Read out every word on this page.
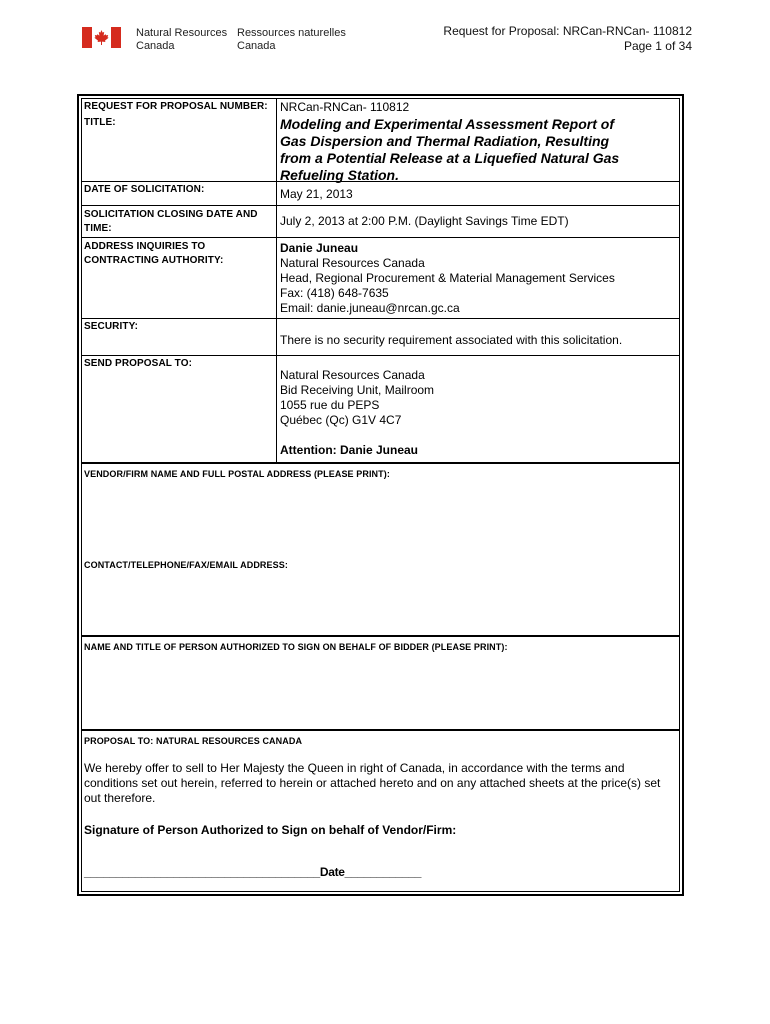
Natural Resources
Canada
Ressources naturelles
Canada
Request for Proposal: NRCan-RNCan- 110812
Page 1 of 34
REQUEST FOR PROPOSAL NUMBER: NRCan-RNCan- 110812
TITLE:	Modeling and Experimental Assessment Report of Gas Dispersion and Thermal Radiation, Resulting from a Potential Release at a Liquefied Natural Gas Refueling Station.
DATE OF SOLICITATION:	May 21, 2013
SOLICITATION CLOSING DATE AND TIME:
July 2, 2013 at 2:00 P.M. (Daylight Savings Time EDT)
ADDRESS INQUIRIES TO CONTRACTING AUTHORITY:
Danie Juneau
Natural Resources Canada
Head, Regional Procurement & Material Management Services
Fax: (418) 648-7635
Email: danie.juneau@nrcan.gc.ca
SECURITY:
There is no security requirement associated with this solicitation.
SEND PROPOSAL TO:
Natural Resources Canada
Bid Receiving Unit, Mailroom
1055 rue du PEPS
Québec (Qc) G1V 4C7
Attention: Danie Juneau
VENDOR/FIRM NAME AND FULL POSTAL ADDRESS (PLEASE PRINT):
CONTACT/TELEPHONE/FAX/EMAIL ADDRESS:
NAME AND TITLE OF PERSON AUTHORIZED TO SIGN ON BEHALF OF BIDDER (PLEASE PRINT):
PROPOSAL TO: NATURAL RESOURCES CANADA
We hereby offer to sell to Her Majesty the Queen in right of Canada, in accordance with the terms and conditions set out herein, referred to herein or attached hereto and on any attached sheets at the price(s) set out therefore.
Signature of Person Authorized to Sign on behalf of Vendor/Firm:
_____________________________________Date____________
